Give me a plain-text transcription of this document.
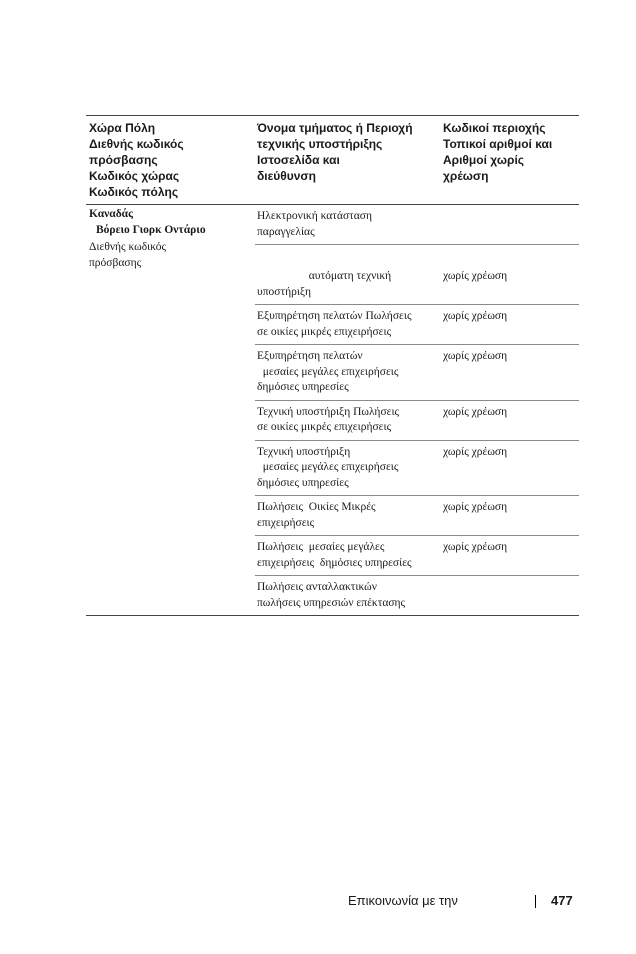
Χώρα Πόλη
Διεθνής κωδικός
πρόσβασης
Κωδικός χώρας
Κωδικός πόλης
Όνομα τμήματος ή Περιοχή
τεχνικής υποστήριξης
Ιστοσελίδα και
διεύθυνση
Κωδικοί περιοχής
Τοπικοί αριθμοί και
Αριθμοί χωρίς
χρέωση
Καναδάς
Βόρειο Γιορκ Οντάριο
Διεθνής κωδικός
πρόσβασης
Ηλεκτρονική κατάσταση
παραγγελίας
αυτόματη τεχνική
υποστήριξη
χωρίς χρέωση
Εξυπηρέτηση πελατών Πωλήσεις
σε οικίες μικρές επιχειρήσεις
χωρίς χρέωση
Εξυπηρέτηση πελατών
μεσαίες μεγάλες επιχειρήσεις
δημόσιες υπηρεσίες
χωρίς χρέωση
Τεχνική υποστήριξη Πωλήσεις
σε οικίες μικρές επιχειρήσεις
χωρίς χρέωση
Τεχνική υποστήριξη
μεσαίες μεγάλες επιχειρήσεις
δημόσιες υπηρεσίες
χωρίς χρέωση
Πωλήσεις  Οικίες Μικρές
επιχειρήσεις
χωρίς χρέωση
Πωλήσεις  μεσαίες μεγάλες
επιχειρήσεις  δημόσιες υπηρεσίες
χωρίς χρέωση
Πωλήσεις ανταλλακτικών
πωλήσεις υπηρεσιών επέκτασης
Επικοινωνία με την	477
